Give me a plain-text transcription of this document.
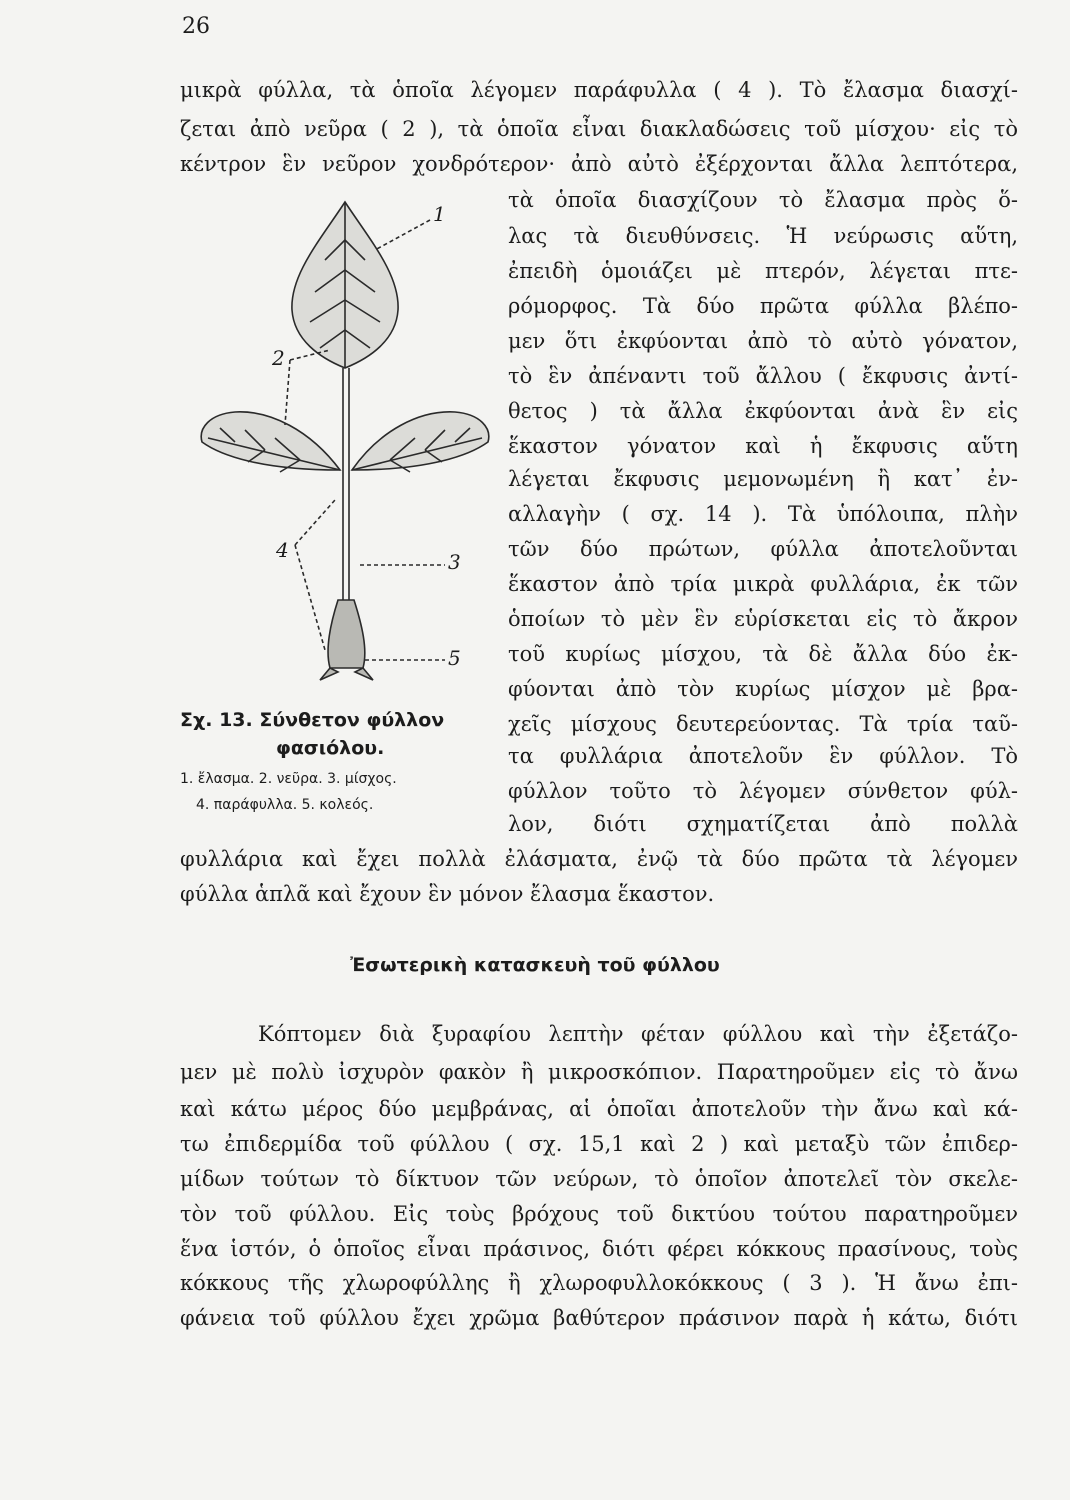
26
μικρὰ φύλλα, τὰ ὁποῖα λέγομεν παράφυλλα ( 4 ). Τὸ ἔλασμα διασχί-
ζεται ἀπὸ νεῦρα ( 2 ), τὰ ὁποῖα εἶναι διακλαδώσεις τοῦ μίσχου· εἰς τὸ
κέντρον ἓν νεῦρον χονδρότερον· ἀπὸ αὐτὸ ἐξέρχονται ἄλλα λεπτότερα,
τὰ ὁποῖα διασχίζουν τὸ ἔλασμα πρὸς ὅ-
λας τὰ διευθύνσεις. Ἡ νεύρωσις αὕτη,
ἐπειδὴ ὁμοιάζει μὲ πτερόν, λέγεται πτε-
ρόμορφος. Τὰ δύο πρῶτα φύλλα βλέπο-
μεν ὅτι ἐκφύονται ἀπὸ τὸ αὐτὸ γόνατον,
τὸ ἓν ἀπέναντι τοῦ ἄλλου ( ἔκφυσις ἀντί-
θετος ) τὰ ἄλλα ἐκφύονται ἀνὰ ἓν εἰς
ἕκαστον γόνατον καὶ ἡ ἔκφυσις αὕτη
λέγεται ἔκφυσις μεμονωμένη ἢ κατ᾽ ἐν-
αλλαγὴν ( σχ. 14 ). Τὰ ὑπόλοιπα, πλὴν
τῶν δύο πρώτων, φύλλα ἀποτελοῦνται
ἕκαστον ἀπὸ τρία μικρὰ φυλλάρια, ἐκ τῶν
ὁποίων τὸ μὲν ἓν εὑρίσκεται εἰς τὸ ἄκρον
τοῦ κυρίως μίσχου, τὰ δὲ ἄλλα δύο ἐκ-
φύονται ἀπὸ τὸν κυρίως μίσχον μὲ βρα-
χεῖς μίσχους δευτερεύοντας. Τὰ τρία ταῦ-
τα φυλλάρια ἀποτελοῦν ἓν φύλλον. Τὸ
φύλλον τοῦτο τὸ λέγομεν σύνθετον φύλ-
λον, διότι σχηματίζεται ἀπὸ πολλὰ
1
2
3
4
5
Σχ. 13. Σύνθετον φύλλον
φασιόλου.
1. ἔλασμα. 2. νεῦρα. 3. μίσχος.
4. παράφυλλα. 5. κολεός.
φυλλάρια καὶ ἔχει πολλὰ ἐλάσματα, ἐνῷ τὰ δύο πρῶτα τὰ λέγομεν
φύλλα ἁπλᾶ καὶ ἔχουν ἓν μόνον ἔλασμα ἕκαστον.
Ἐσωτερικὴ κατασκευὴ τοῦ φύλλου
Κόπτομεν διὰ ξυραφίου λεπτὴν φέταν φύλλου καὶ τὴν ἐξετάζο-
μεν μὲ πολὺ ἰσχυρὸν φακὸν ἢ μικροσκόπιον. Παρατηροῦμεν εἰς τὸ ἄνω
καὶ κάτω μέρος δύο μεμβράνας, αἱ ὁποῖαι ἀποτελοῦν τὴν ἄνω καὶ κά-
τω ἐπιδερμίδα τοῦ φύλλου ( σχ. 15,1 καὶ 2 ) καὶ μεταξὺ τῶν ἐπιδερ-
μίδων τούτων τὸ δίκτυον τῶν νεύρων, τὸ ὁποῖον ἀποτελεῖ τὸν σκελε-
τὸν τοῦ φύλλου. Εἰς τοὺς βρόχους τοῦ δικτύου τούτου παρατηροῦμεν
ἕνα ἱστόν, ὁ ὁποῖος εἶναι πράσινος, διότι φέρει κόκκους πρασίνους, τοὺς
κόκκους τῆς χλωροφύλλης ἢ χλωροφυλλοκόκκους ( 3 ). Ἡ ἄνω ἐπι-
φάνεια τοῦ φύλλου ἔχει χρῶμα βαθύτερον πράσινον παρὰ ἡ κάτω, διότι
